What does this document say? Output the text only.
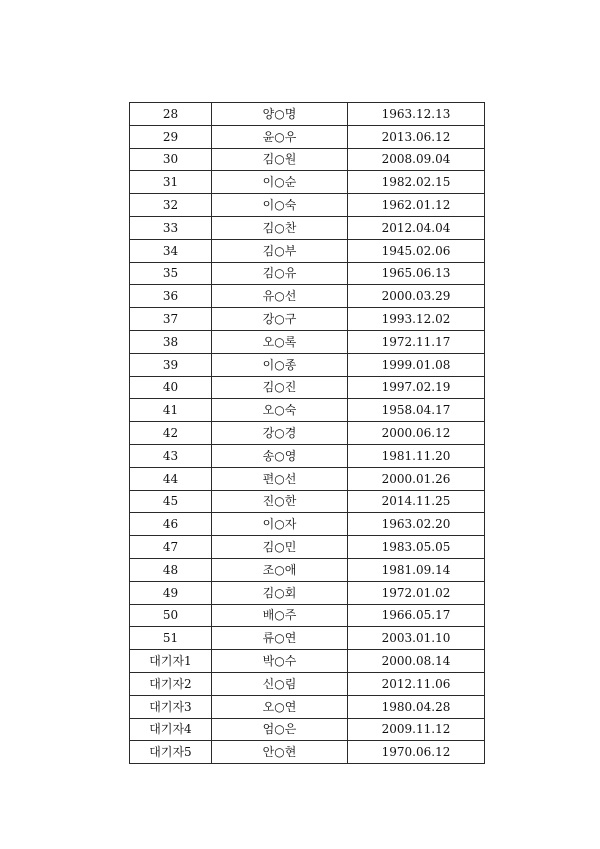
28	양○명	1963.12.13
29	윤○우	2013.06.12
30	김○원	2008.09.04
31	이○순	1982.02.15
32	이○숙	1962.01.12
33	김○찬	2012.04.04
34	김○부	1945.02.06
35	김○유	1965.06.13
36	유○선	2000.03.29
37	강○구	1993.12.02
38	오○록	1972.11.17
39	이○종	1999.01.08
40	김○진	1997.02.19
41	오○숙	1958.04.17
42	강○경	2000.06.12
43	송○영	1981.11.20
44	편○선	2000.01.26
45	진○한	2014.11.25
46	이○자	1963.02.20
47	김○민	1983.05.05
48	조○애	1981.09.14
49	김○회	1972.01.02
50	배○주	1966.05.17
51	류○연	2003.01.10
대기자1	박○수	2000.08.14
대기자2	신○림	2012.11.06
대기자3	오○연	1980.04.28
대기자4	엄○은	2009.11.12
대기자5	안○현	1970.06.12
